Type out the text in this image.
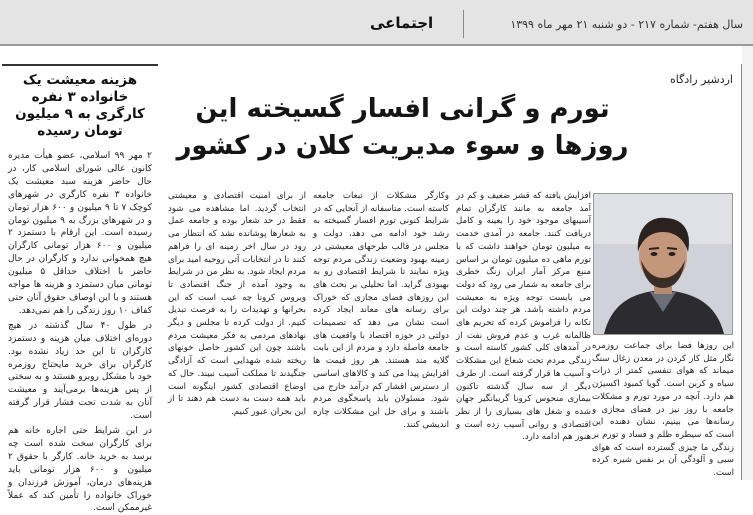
سال هفتم- شماره ۲۱۷ - دو شنبه ۲۱ مهر ماه ۱۳۹۹
اجتماعی
هزینه معیشت یک خانواده ۳ نفره کارگری به ۹ میلیون تومان رسیده

۲ مهر ۹۹ اسلامی، عضو هیأت مدیره کانون عالی شورای اسلامی کار، در حال حاضر هزینه سبد معیشت یک خانواده ۳ نفره کارگری در شهرهای کوچک ۷ تا ۹ میلیون و ۶۰۰ هزار تومان و در شهرهای بزرگ به ۹ میلیون تومان رسیده است. این ارقام با دستمزد ۲ میلیون و ۶۰۰ هزار تومانی کارگران هیچ همخوانی ندارد و کارگران در حال حاضر با اختلاف حداقل ۵ میلیون تومانی میان دستمزد و هزینه ها مواجه هستند و با این اوصاف حقوق آنان حتی کفاف ۱۰ روز زندگی را هم نمی‌دهد.

در طول ۴۰ سال گذشته در هیچ دوره‌ای اختلاف میان هزینه و دستمزد کارگران تا این حد زیاد نشده بود. کارگران برای خرید مایحتاج روزمره خود با مشکل روبرو هستند و به سختی از پس هزینه‌ها برمی‌آیند و معیشت آنان به شدت تحت فشار قرار گرفته است.

در این شرایط حتی اجاره خانه هم برای کارگران سخت شده است چه برسد به خرید خانه. کارگر با حقوق ۲ میلیون و ۶۰۰ هزار تومانی باید هزینه‌های درمان، آموزش فرزندان و خوراک خانواده را تأمین کند که عملاً غیرممکن است.

اردشیر رادگاه
تورم و گرانی افسار گسیخته این روزها و سوء مدیریت کلان در کشور

افزایش یافته که قشر ضعیف و کم در آمد جامعه به مانند کارگران تمام آسیبهای موجود خود را بعینه و کامل دریافت کنند. جامعه در آمدی خدمت به میلیون تومان خواهند داشت که با تورم ماهی ده میلیون تومان بر اساس منبع مرکز آمار ایران زنگ خطری برای جامعه به شمار می رود که دولت می بایست توجه ویژه به معیشت مردم داشته باشد. هر چند دولت این تکانه را فراموش کرده که تحریم های ظالمانه غرب و عدم فروش نفت از در آمدهای کلی کشور کاسته است و زندگی مردم تحت شعاع این مشکلات و آسیب ها قرار گرفته است. از طرف دیگر از سه سال گذشته تاکنون بیماری منحوس کرونا گریبانگیر جهان شده و شغل های بسیاری را از نظر اقتصادی و روانی آسیب زده است و هنوز هم ادامه دارد.

وکارگر مشکلات از تبعات جامعه کاسته است. متاسفانه از آنجایی که در شرایط کنونی تورم افسار گسیخته به رشد خود ادامه می دهد، دولت و مجلس در قالب طرحهای معیشتی در زمینه بهبود وضعیت زندگی مردم توجه ویژه نمایند تا شرایط اقتصادی رو به بهبودی گراید. اما تحلیلی بر بحث های این روزهای فضای مجازی که خوراک برای رسانه های معاند ایجاد کرده است نشان می دهد که تصمیمات دولتی در حوزه اقتصاد با واقعیت های جامعه فاصله دارد و مردم از این بابت گلایه مند هستند. هر روز قیمت ها افزایش پیدا می کند و کالاهای اساسی از دسترس اقشار کم درآمد خارج می شود. مسئولان باید پاسخگوی مردم باشند و برای حل این مشکلات چاره اندیشی کنند.

از برای امنیت اقتصادی و معیشتی انتخاب گردید. اما مشاهده می شود فقط در حد شعار بوده و جامعه عمل به شعارها پوشانده نشد که انتظار می رود در سال اخر زمینه ای را فراهم کنند تا در انتخابات آتی روحیه امید برای مردم ایجاد شود. به نظر من در شرایط به وجود آمده از جنگ اقتصادی تا ویروس کرونا چه عیب است که این بحرانها و تهدیدات را به فرصت تبدیل کنیم. از دولت کرده تا مجلس و دیگر نهادهای مردمی به فکر معیشت مردم باشند چون این کشور حاصل خونهای ریخته شده شهدایی است که آزادگی جنگیدند تا مملکت آسیب نبیند. حال که اوضاع اقتصادی کشور اینگونه است باید همه دست به دست هم دهند تا از این بحران عبور کنیم.

این روزها فضا برای جماعت روزمره نگار مثل کار کردن در معدن زغال سنگ میماند که هوای تنفسی کمتر از ذرات سیاه و کربن است. گویا کمبود اکسیژن هم دارد. آنچه در مورد تورم و مشکلات جامعه با روز نیز در فضای مجازی و رسانه‌ها می بینیم، نشان دهنده این است که سیطره ظلم و فساد و تورم بر زندگی ما چیزی گسترده است که هوای سبی و آلودگی آن بر نفس شیره کرده است.
